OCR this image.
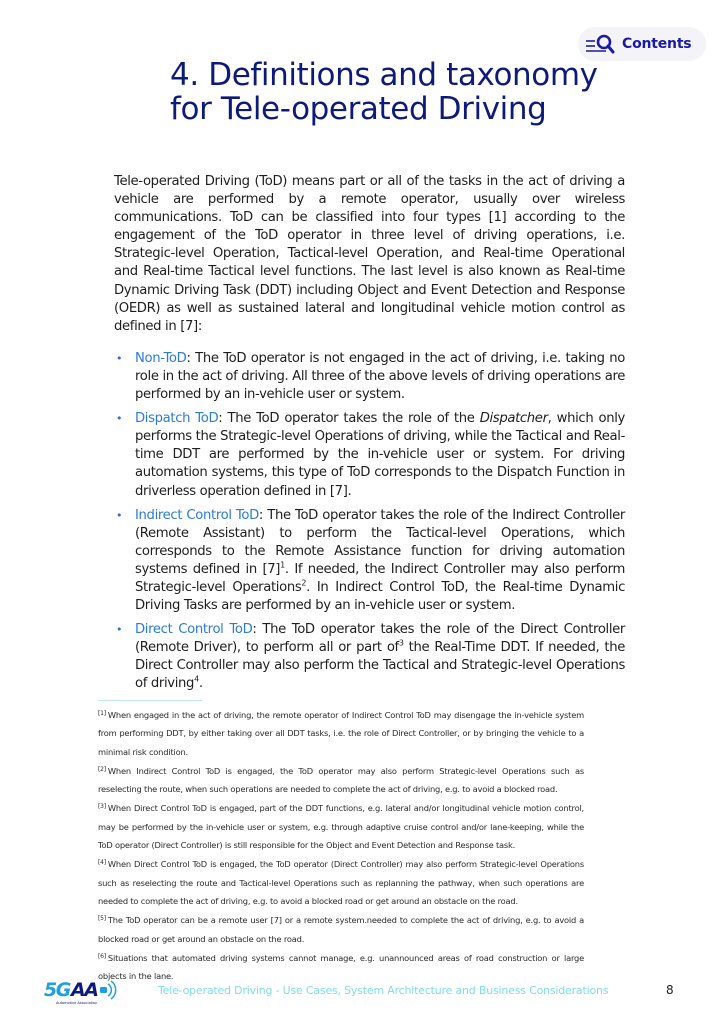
Contents
4. Definitions and taxonomy
for Tele-operated Driving

Tele-operated Driving (ToD) means part or all of the tasks in the act of driving a vehicle are performed by a remote operator, usually over wireless communications. ToD can be classified into four types [1] according to the engagement of the ToD operator in three level of driving operations, i.e. Strategic-level Operation, Tactical-level Operation, and Real-time Operational and Real-time Tactical level functions. The last level is also known as Real-time Dynamic Driving Task (DDT) including Object and Event Detection and Response (OEDR) as well as sustained lateral and longitudinal vehicle motion control as defined in [7]:

• Non-ToD: The ToD operator is not engaged in the act of driving, i.e. taking no role in the act of driving. All three of the above levels of driving operations are performed by an in-vehicle user or system.
• Dispatch ToD: The ToD operator takes the role of the Dispatcher, which only performs the Strategic-level Operations of driving, while the Tactical and Real-time DDT are performed by the in-vehicle user or system. For driving automation systems, this type of ToD corresponds to the Dispatch Function in driverless operation defined in [7].
• Indirect Control ToD: The ToD operator takes the role of the Indirect Controller (Remote Assistant) to perform the Tactical-level Operations, which corresponds to the Remote Assistance function for driving automation systems defined in $[7]^1$. If needed, the Indirect Controller may also perform Strategic-level Operations$^2$. In Indirect Control ToD, the Real-time Dynamic Driving Tasks are performed by an in-vehicle user or system.
• Direct Control ToD: The ToD operator takes the role of the Direct Controller (Remote Driver), to perform all or part $of^3$ the Real-Time DDT. If needed, the Direct Controller may also perform the Tactical and Strategic-level Operations of driving$^4$.

[1] When engaged in the act of driving, the remote operator of Indirect Control ToD may disengage the in-vehicle system from performing DDT, by either taking over all DDT tasks, i.e. the role of Direct Controller, or by bringing the vehicle to a minimal risk condition.

[2] When Indirect Control ToD is engaged, the ToD operator may also perform Strategic-level Operations such as reselecting the route, when such operations are needed to complete the act of driving, e.g. to avoid a blocked road.

[3] When Direct Control ToD is engaged, part of the DDT functions, e.g. lateral and/or longitudinal vehicle motion control, may be performed by the in-vehicle user or system, e.g. through adaptive cruise control and/or lane-keeping, while the ToD operator (Direct Controller) is still responsible for the Object and Event Detection and Response task.

[4] When Direct Control ToD is engaged, the ToD operator (Direct Controller) may also perform Strategic-level Operations such as reselecting the route and Tactical-level Operations such as replanning the pathway, when such operations are needed to complete the act of driving, e.g. to avoid a blocked road or get around an obstacle on the road.

[5] The ToD operator can be a remote user [7] or a remote system.needed to complete the act of driving, e.g. to avoid a blocked road or get around an obstacle on the road.

[6] Situations that automated driving systems cannot manage, e.g. unannounced areas of road construction or large objects in the lane.

5G AA
Automotive Association
Tele-operated Driving - Use Cases, System Architecture and Business Considerations	8
